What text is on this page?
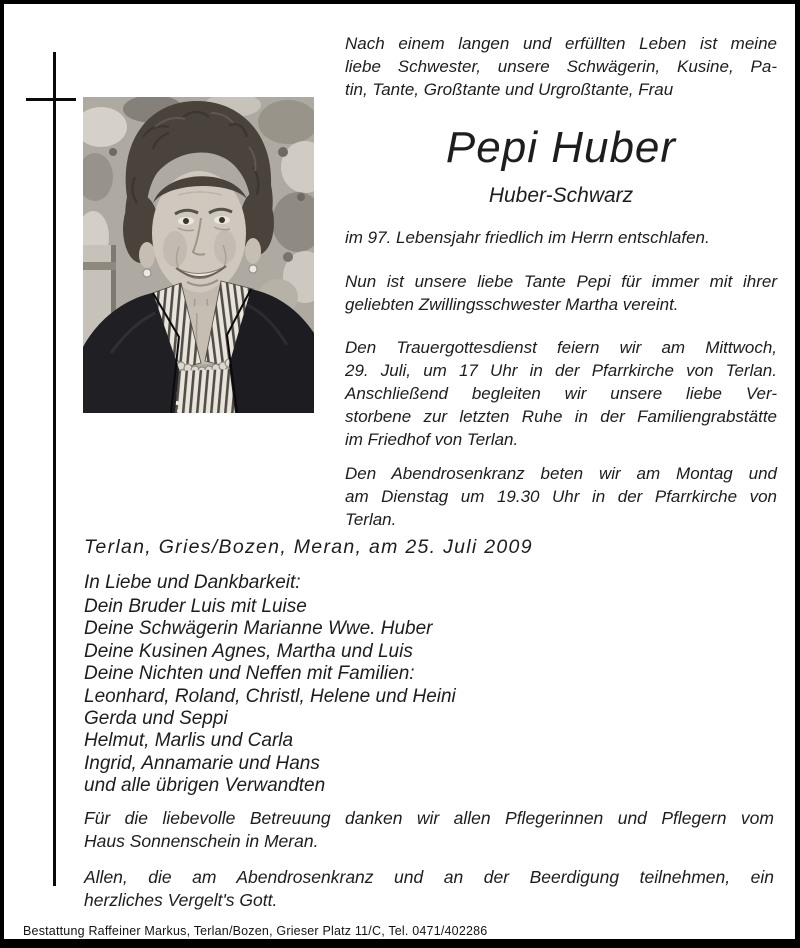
Nach einem langen und erfüllten Leben ist meine
liebe Schwester, unsere Schwägerin, Kusine, Pa-
tin, Tante, Großtante und Urgroßtante, Frau
Pepi Huber
Huber-Schwarz
im 97. Lebensjahr friedlich im Herrn entschlafen.
Nun ist unsere liebe Tante Pepi für immer mit ihrer
geliebten Zwillingsschwester Martha vereint.
Den Trauergottesdienst feiern wir am Mittwoch,
29. Juli, um 17 Uhr in der Pfarrkirche von Terlan.
Anschließend begleiten wir unsere liebe Ver-
storbene zur letzten Ruhe in der Familiengrabstätte
im Friedhof von Terlan.
Den Abendrosenkranz beten wir am Montag und
am Dienstag um 19.30 Uhr in der Pfarrkirche von
Terlan.
Terlan, Gries/Bozen, Meran, am 25. Juli 2009
In Liebe und Dankbarkeit:
Dein Bruder Luis mit Luise
Deine Schwägerin Marianne Wwe. Huber
Deine Kusinen Agnes, Martha und Luis
Deine Nichten und Neffen mit Familien:
Leonhard, Roland, Christl, Helene und Heini
Gerda und Seppi
Helmut, Marlis und Carla
Ingrid, Annamarie und Hans
und alle übrigen Verwandten
Für die liebevolle Betreuung danken wir allen Pflegerinnen und Pflegern vom
Haus Sonnenschein in Meran.
Allen, die am Abendrosenkranz und an der Beerdigung teilnehmen, ein
herzliches Vergelt's Gott.
Bestattung Raffeiner Markus, Terlan/Bozen, Grieser Platz 11/C, Tel. 0471/402286
